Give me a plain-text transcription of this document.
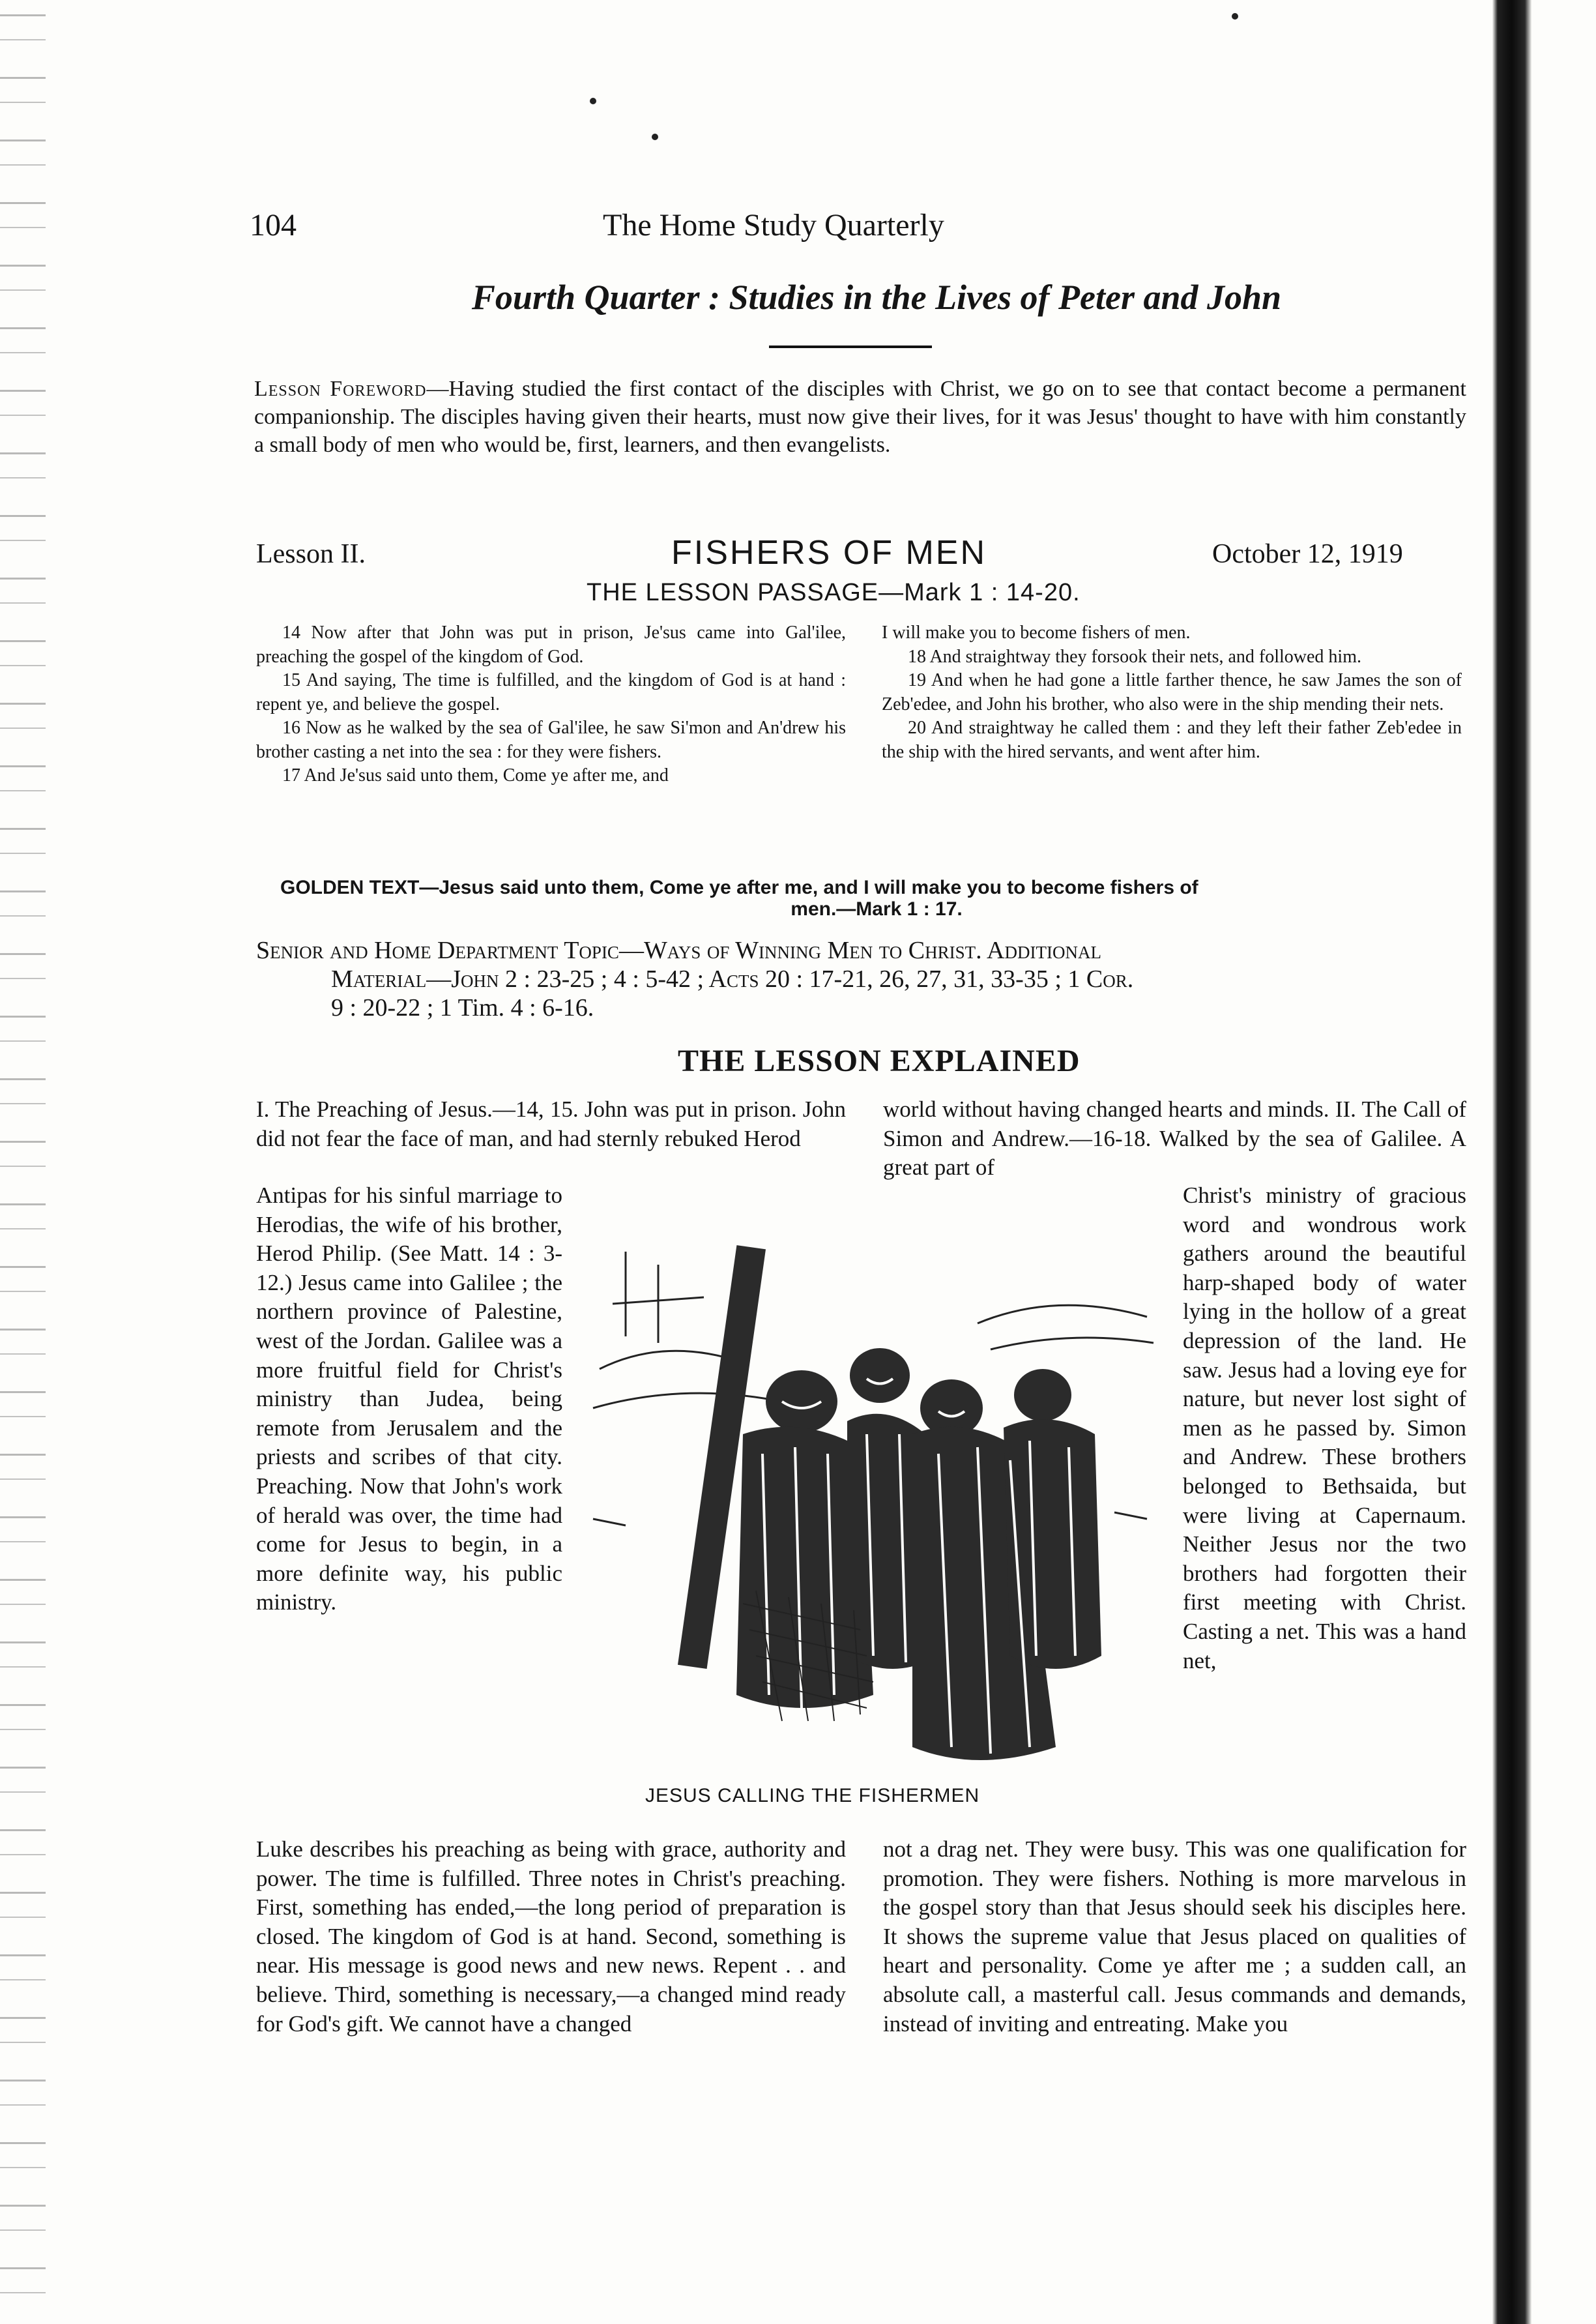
104	The Home Study Quarterly
Fourth Quarter : Studies in the Lives of Peter and John
Lesson Foreword—Having studied the first contact of the disciples with Christ, we go on to see that contact become a permanent companionship. The disciples having given their hearts, must now give their lives, for it was Jesus' thought to have with him constantly a small body of men who would be, first, learners, and then evangelists.
Lesson II.	FISHERS OF MEN	October 12, 1919
THE LESSON PASSAGE—Mark 1 : 14-20.

14 Now after that John was put in prison, Je'sus came into Gal'ilee, preaching the gospel of the kingdom of God.

15 And saying, The time is fulfilled, and the kingdom of God is at hand : repent ye, and believe the gospel.

16 Now as he walked by the sea of Gal'ilee, he saw Si'mon and An'drew his brother casting a net into the sea : for they were fishers.

17 And Je'sus said unto them, Come ye after me, and

I will make you to become fishers of men.

18 And straightway they forsook their nets, and followed him.

19 And when he had gone a little farther thence, he saw James the son of Zeb'edee, and John his brother, who also were in the ship mending their nets.

20 And straightway he called them : and they left their father Zeb'edee in the ship with the hired servants, and went after him.

GOLDEN TEXT—Jesus said unto them, Come ye after me, and I will make you to become fishers of
men.—Mark 1 : 17.
Senior and Home Department Topic—Ways of Winning Men to Christ. Additional
Material—John 2 : 23-25 ; 4 : 5-42 ; Acts 20 : 17-21, 26, 27, 31, 33-35 ; 1 Cor.
9 : 20-22 ; 1 Tim. 4 : 6-16.
THE LESSON EXPLAINED

I. The Preaching of Jesus.—14, 15. John was put in prison. John did not fear the face of man, and had sternly rebuked Herod

Antipas for his sinful marriage to Herodias, the wife of his brother, Herod Philip. (See Matt. 14 : 3-12.) Jesus came into Galilee ; the northern province of Palestine, west of the Jordan. Galilee was a more fruitful field for Christ's ministry than Judea, being remote from Jerusalem and the priests and scribes of that city. Preaching. Now that John's work of herald was over, the time had come for Jesus to begin, in a more definite way, his public ministry.

Luke describes his preaching as being with grace, authority and power. The time is fulfilled. Three notes in Christ's preaching. First, something has ended,—the long period of preparation is closed. The kingdom of God is at hand. Second, something is near. His message is good news and new news. Repent . . and believe. Third, something is necessary,—a changed mind ready for God's gift. We cannot have a changed

world without having changed hearts and minds. II. The Call of Simon and Andrew.—16-18. Walked by the sea of Galilee. A great part of

Christ's ministry of gracious word and wondrous work gathers around the beautiful harp-shaped body of water lying in the hollow of a great depression of the land. He saw. Jesus had a loving eye for nature, but never lost sight of men as he passed by. Simon and Andrew. These brothers belonged to Bethsaida, but were living at Capernaum. Neither Jesus nor the two brothers had forgotten their first meeting with Christ. Casting a net. This was a hand net,

not a drag net. They were busy. This was one qualification for promotion. They were fishers. Nothing is more marvelous in the gospel story than that Jesus should seek his disciples here. It shows the supreme value that Jesus placed on qualities of heart and personality. Come ye after me ; a sudden call, an absolute call, a masterful call. Jesus commands and demands, instead of inviting and entreating. Make you

JESUS CALLING THE FISHERMEN
